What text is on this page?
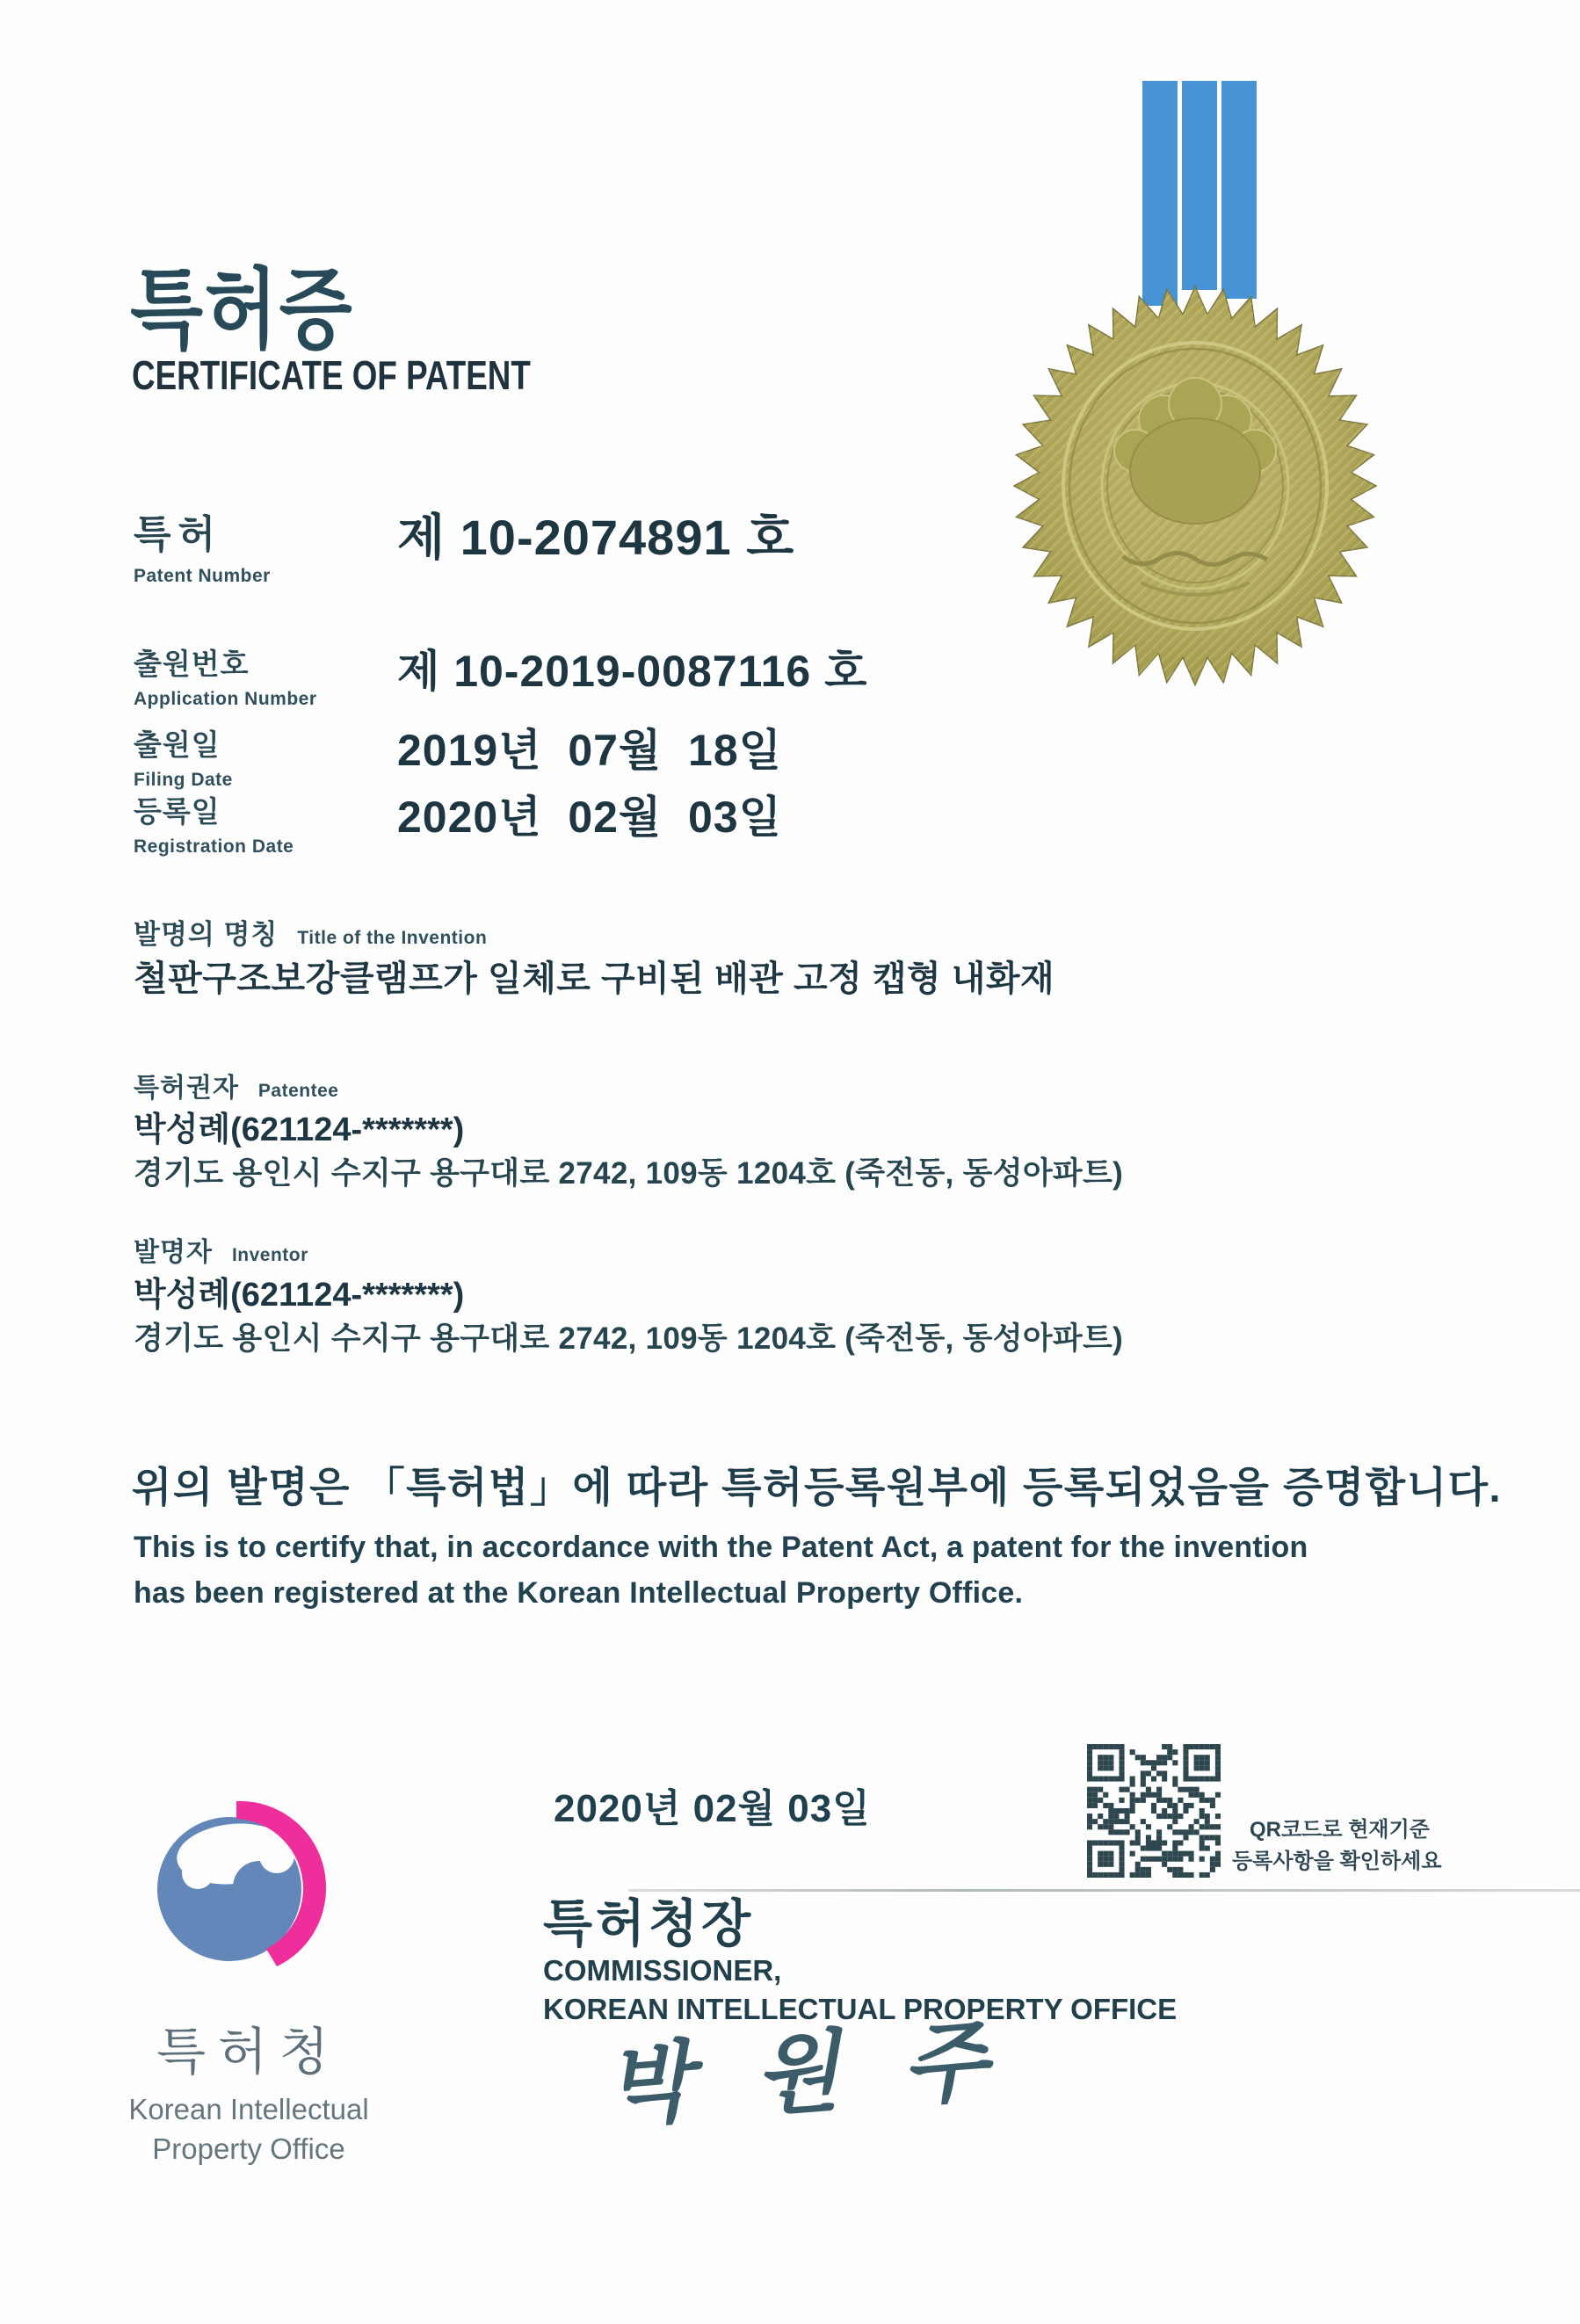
특허증
CERTIFICATE OF PATENT
특허
Patent Number
제 10-2074891 호
출원번호
Application Number
제 10-2019-0087116 호
출원일
Filing Date
2019년  07월  18일
등록일
Registration Date
2020년  02월  03일
발명의 명칭 Title of the Invention
철판구조보강클램프가 일체로 구비된 배관 고정 캡형 내화재
특허권자 Patentee
박성례(621124-*******)
경기도 용인시 수지구 용구대로 2742, 109동 1204호 (죽전동, 동성아파트)
발명자 Inventor
박성례(621124-*******)
경기도 용인시 수지구 용구대로 2742, 109동 1204호 (죽전동, 동성아파트)
위의 발명은 「특허법」에 따라 특허등록원부에 등록되었음을 증명합니다.
This is to certify that, in accordance with the Patent Act, a patent for the invention
has been registered at the Korean Intellectual Property Office.
2020년 02월 03일	QR코드로 현재기준
등록사항을 확인하세요
특허청장
COMMISSIONER,
KOREAN INTELLECTUAL PROPERTY OFFICE
박 원 주
특허청
Korean Intellectual
Property Office
